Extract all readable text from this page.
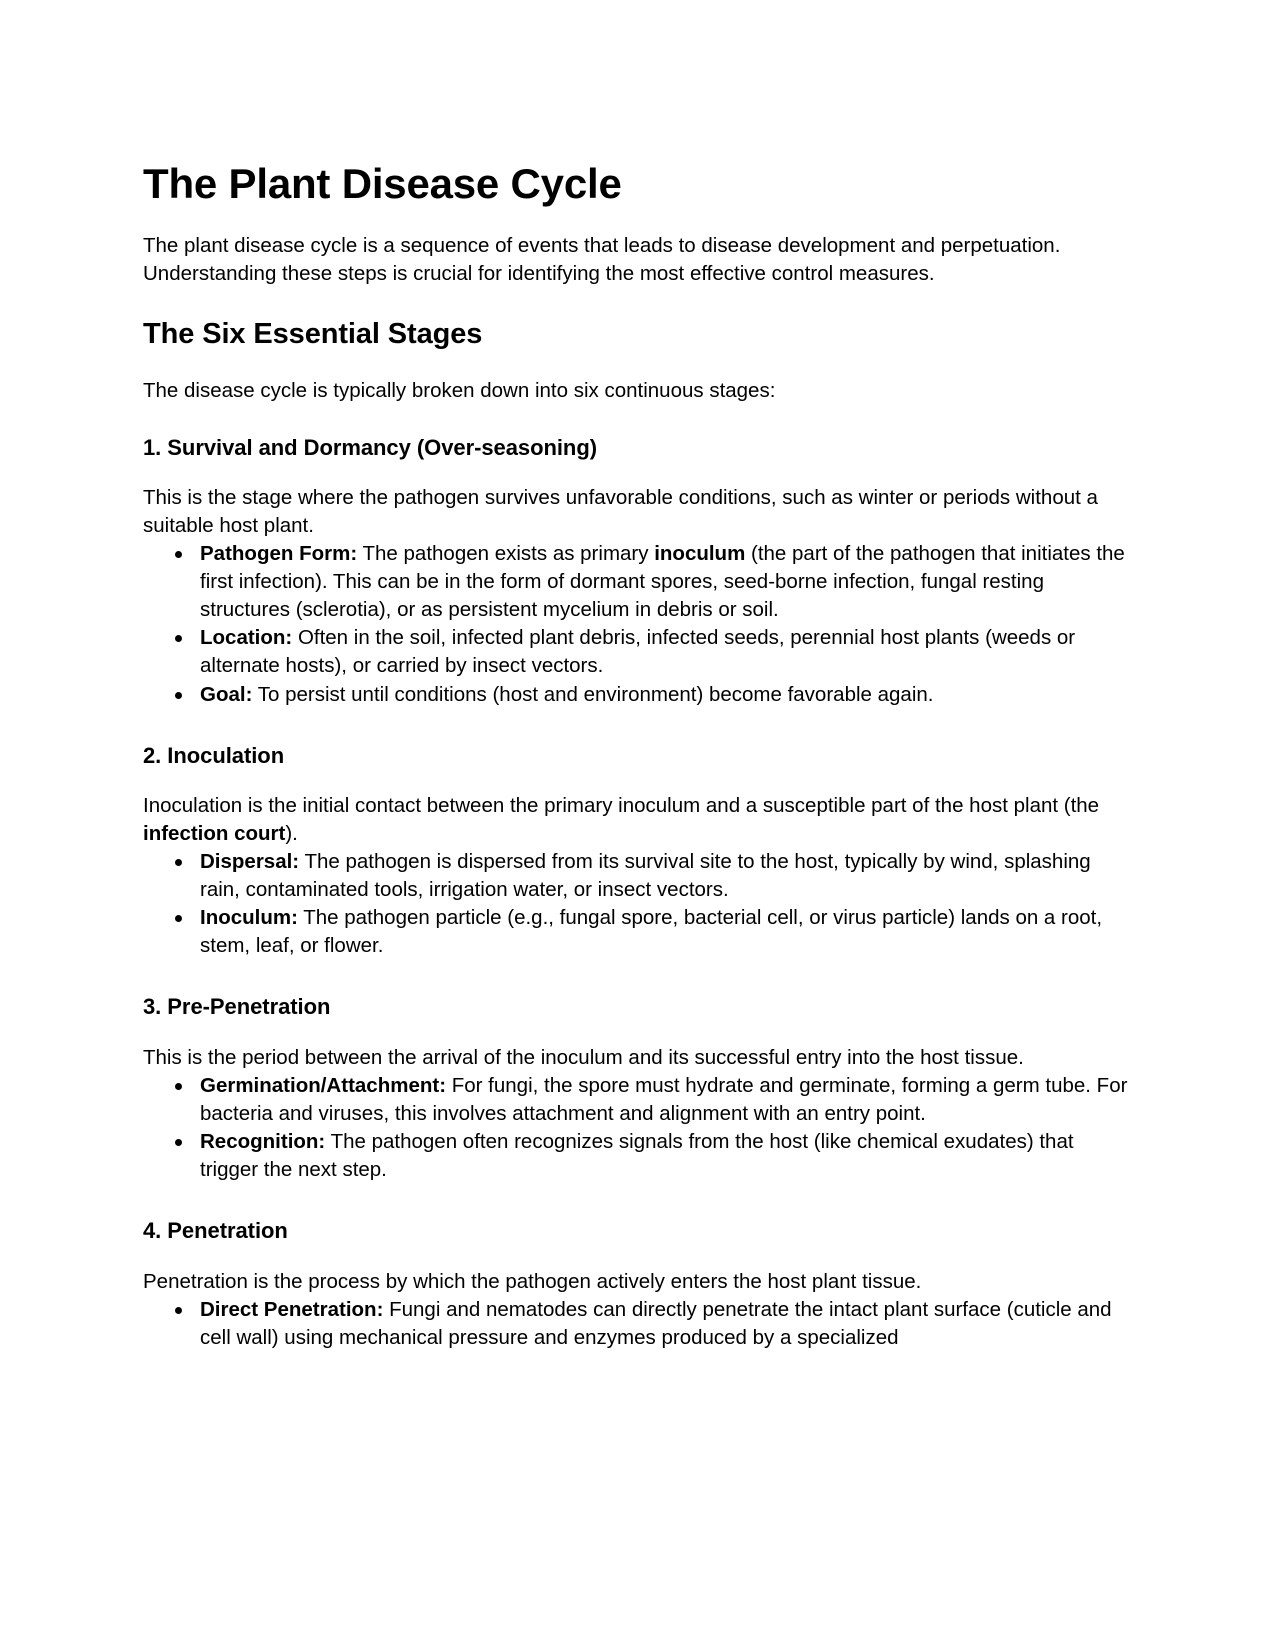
The Plant Disease Cycle

The plant disease cycle is a sequence of events that leads to disease development and perpetuation. Understanding these steps is crucial for identifying the most effective control measures.

The Six Essential Stages

The disease cycle is typically broken down into six continuous stages:

1. Survival and Dormancy (Over-seasoning)

This is the stage where the pathogen survives unfavorable conditions, such as winter or periods without a suitable host plant.

Pathogen Form: The pathogen exists as primary inoculum (the part of the pathogen that initiates the first infection). This can be in the form of dormant spores, seed-borne infection, fungal resting structures (sclerotia), or as persistent mycelium in debris or soil.
Location: Often in the soil, infected plant debris, infected seeds, perennial host plants (weeds or alternate hosts), or carried by insect vectors.
Goal: To persist until conditions (host and environment) become favorable again.
2. Inoculation

Inoculation is the initial contact between the primary inoculum and a susceptible part of the host plant (the infection court).

Dispersal: The pathogen is dispersed from its survival site to the host, typically by wind, splashing rain, contaminated tools, irrigation water, or insect vectors.
Inoculum: The pathogen particle (e.g., fungal spore, bacterial cell, or virus particle) lands on a root, stem, leaf, or flower.
3. Pre-Penetration

This is the period between the arrival of the inoculum and its successful entry into the host tissue.

Germination/Attachment: For fungi, the spore must hydrate and germinate, forming a germ tube. For bacteria and viruses, this involves attachment and alignment with an entry point.
Recognition: The pathogen often recognizes signals from the host (like chemical exudates) that trigger the next step.
4. Penetration

Penetration is the process by which the pathogen actively enters the host plant tissue.

Direct Penetration: Fungi and nematodes can directly penetrate the intact plant surface (cuticle and cell wall) using mechanical pressure and enzymes produced by a specialized
